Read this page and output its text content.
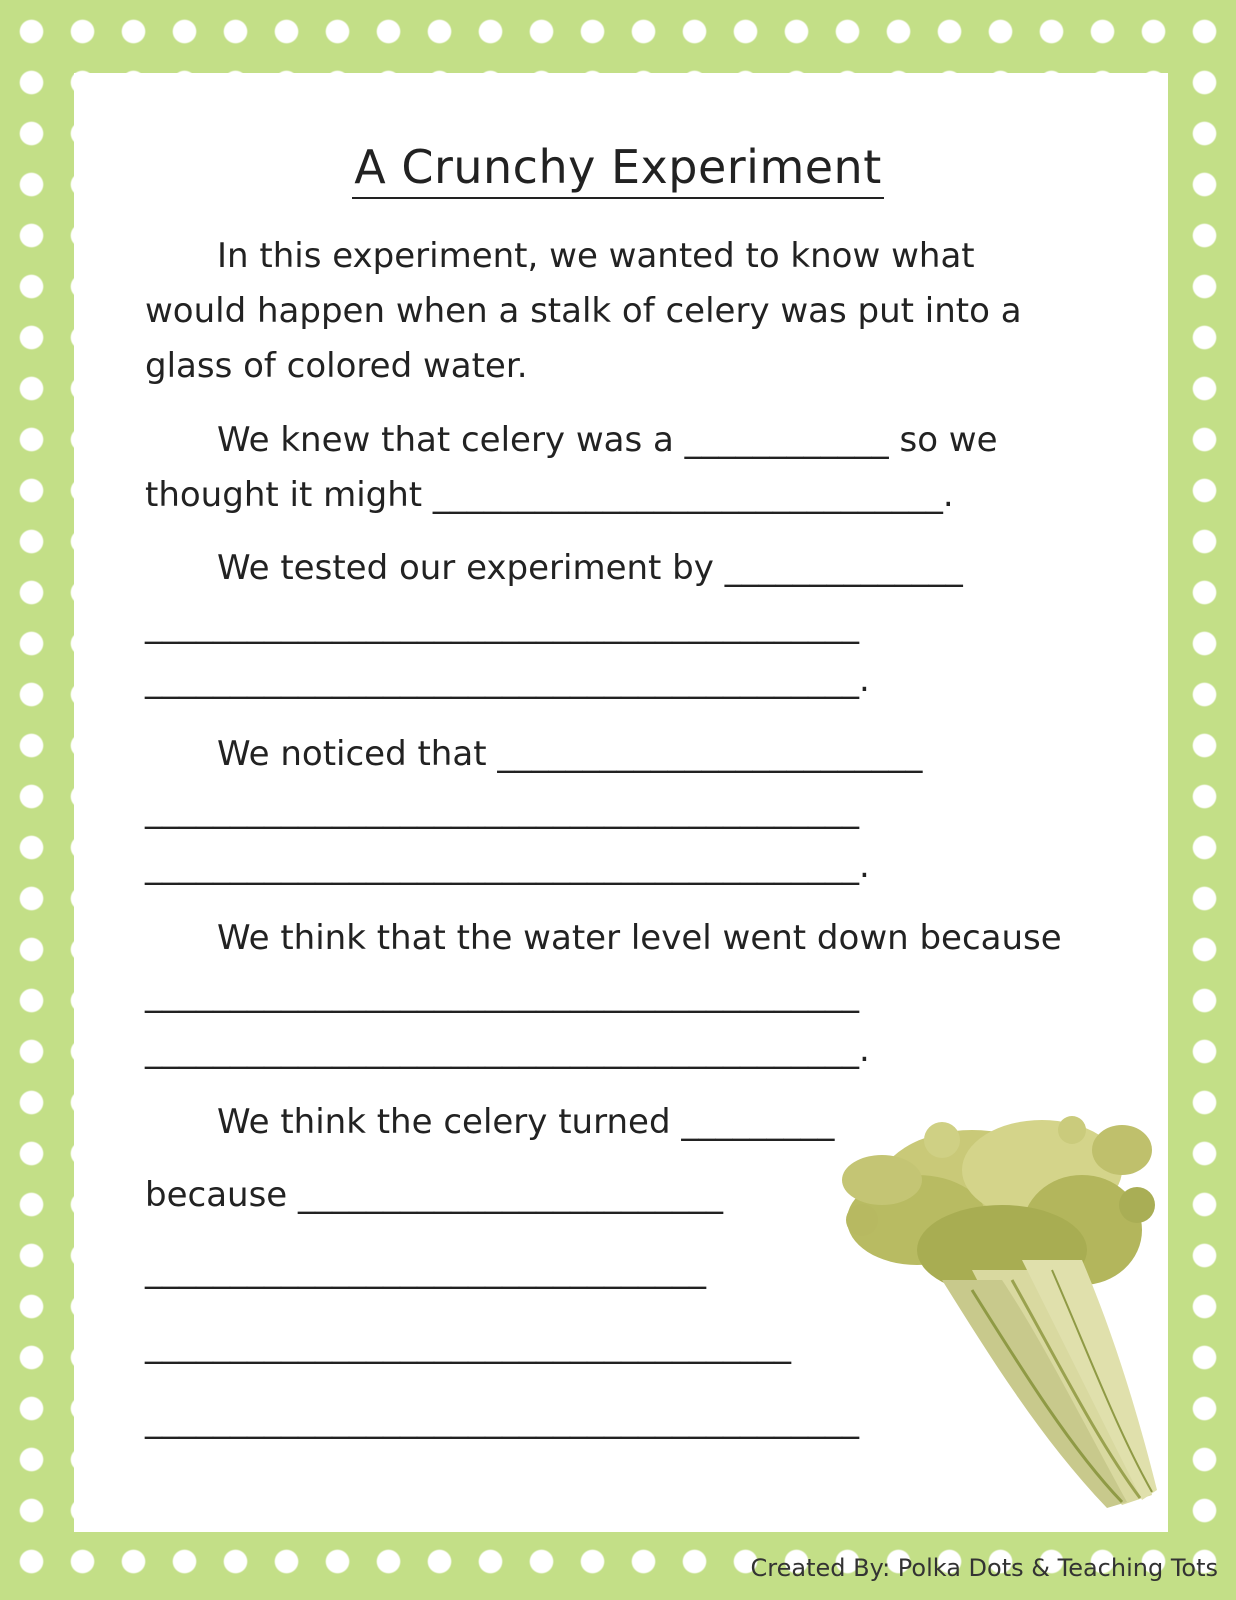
A Crunchy Experiment
In this experiment, we wanted to know what
would happen when a stalk of celery was put into a
glass of colored water.
We knew that celery was a ____________ so we
thought it might ______________________________.
We tested our experiment by ______________
__________________________________________
__________________________________________.
We noticed that _________________________
__________________________________________
__________________________________________.
We think that the water level went down because
__________________________________________
__________________________________________.
We think the celery turned _________
because _________________________
_________________________________
______________________________________
__________________________________________
Created By: Polka Dots & Teaching Tots
